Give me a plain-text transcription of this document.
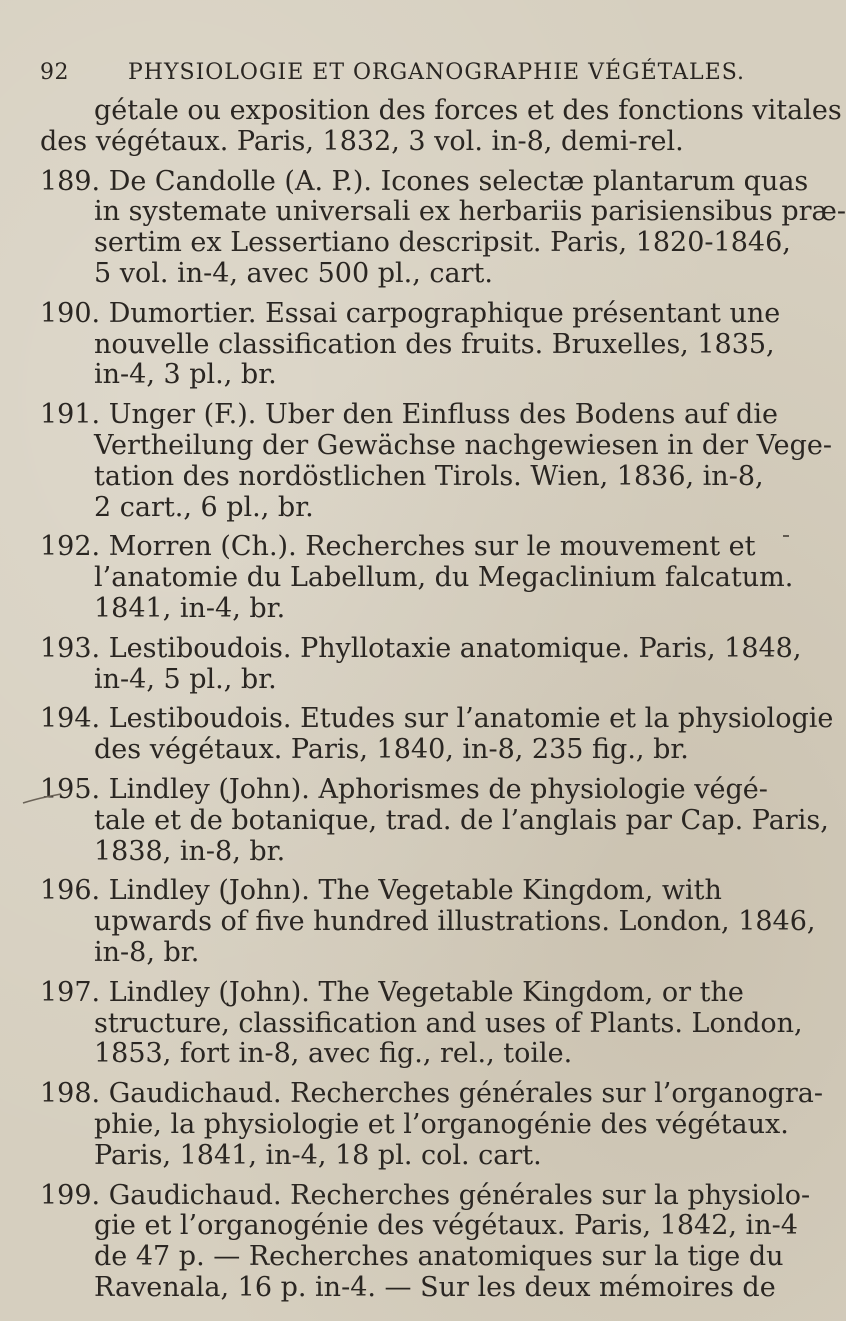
92	PHYSIOLOGIE ET ORGANOGRAPHIE VÉGÉTALES.
gétale ou exposition des forces et des fonctions vitales
des végétaux. Paris, 1832, 3 vol. in-8, demi-rel.
189. De Candolle (A. P.). Icones selectæ plantarum quas
in systemate universali ex herbariis parisiensibus præ-
sertim ex Lessertiano descripsit. Paris, 1820-1846,
5 vol. in-4, avec 500 pl., cart.
190. Dumortier. Essai carpographique présentant une
nouvelle classification des fruits. Bruxelles, 1835,
in-4, 3 pl., br.
191. Unger (F.). Uber den Einfluss des Bodens auf die
Vertheilung der Gewächse nachgewiesen in der Vege-
tation des nordöstlichen Tirols. Wien, 1836, in-8,
2 cart., 6 pl., br.
192. Morren (Ch.). Recherches sur le mouvement et
l’anatomie du Labellum, du Megaclinium falcatum.
1841, in-4, br.
193. Lestiboudois. Phyllotaxie anatomique. Paris, 1848,
in-4, 5 pl., br.
194. Lestiboudois. Etudes sur l’anatomie et la physiologie
des végétaux. Paris, 1840, in-8, 235 fig., br.
195. Lindley (John). Aphorismes de physiologie végé-
tale et de botanique, trad. de l’anglais par Cap. Paris,
1838, in-8, br.
196. Lindley (John). The Vegetable Kingdom, with
upwards of five hundred illustrations. London, 1846,
in-8, br.
197. Lindley (John). The Vegetable Kingdom, or the
structure, classification and uses of Plants. London,
1853, fort in-8, avec fig., rel., toile.
198. Gaudichaud. Recherches générales sur l’organogra-
phie, la physiologie et l’organogénie des végétaux.
Paris, 1841, in-4, 18 pl. col. cart.
199. Gaudichaud. Recherches générales sur la physiolo-
gie et l’organogénie des végétaux. Paris, 1842, in-4
de 47 p. — Recherches anatomiques sur la tige du
Ravenala, 16 p. in-4. — Sur les deux mémoires de
